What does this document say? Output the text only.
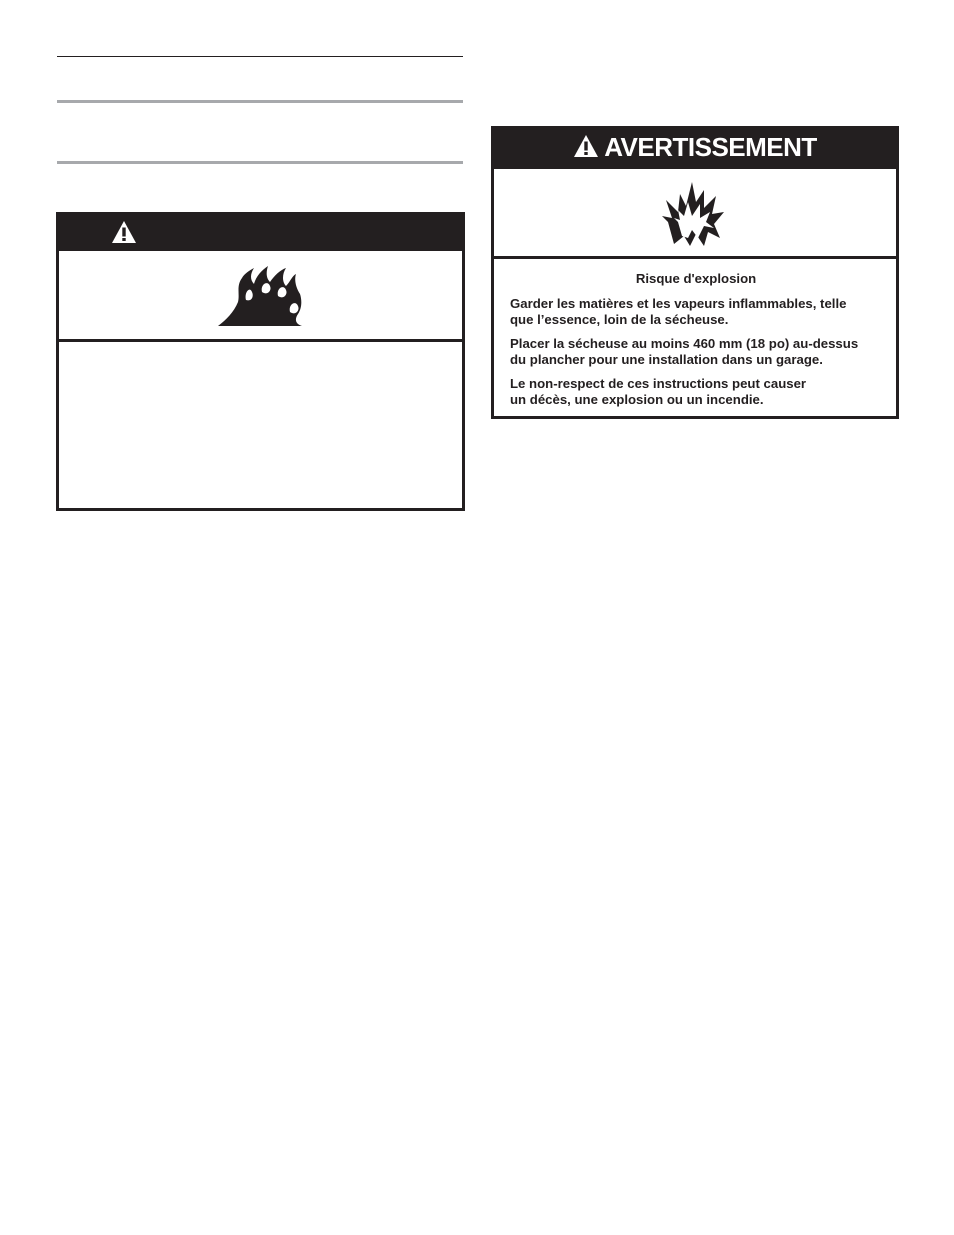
AVERTISSEMENT
Risque d'explosion

Garder les matières et les vapeurs inflammables, telle
que l’essence, loin de la sécheuse.

Placer la sécheuse au moins 460 mm (18 po) au-dessus
du plancher pour une installation dans un garage.

Le non-respect de ces instructions peut causer
un décès, une explosion ou un incendie.
